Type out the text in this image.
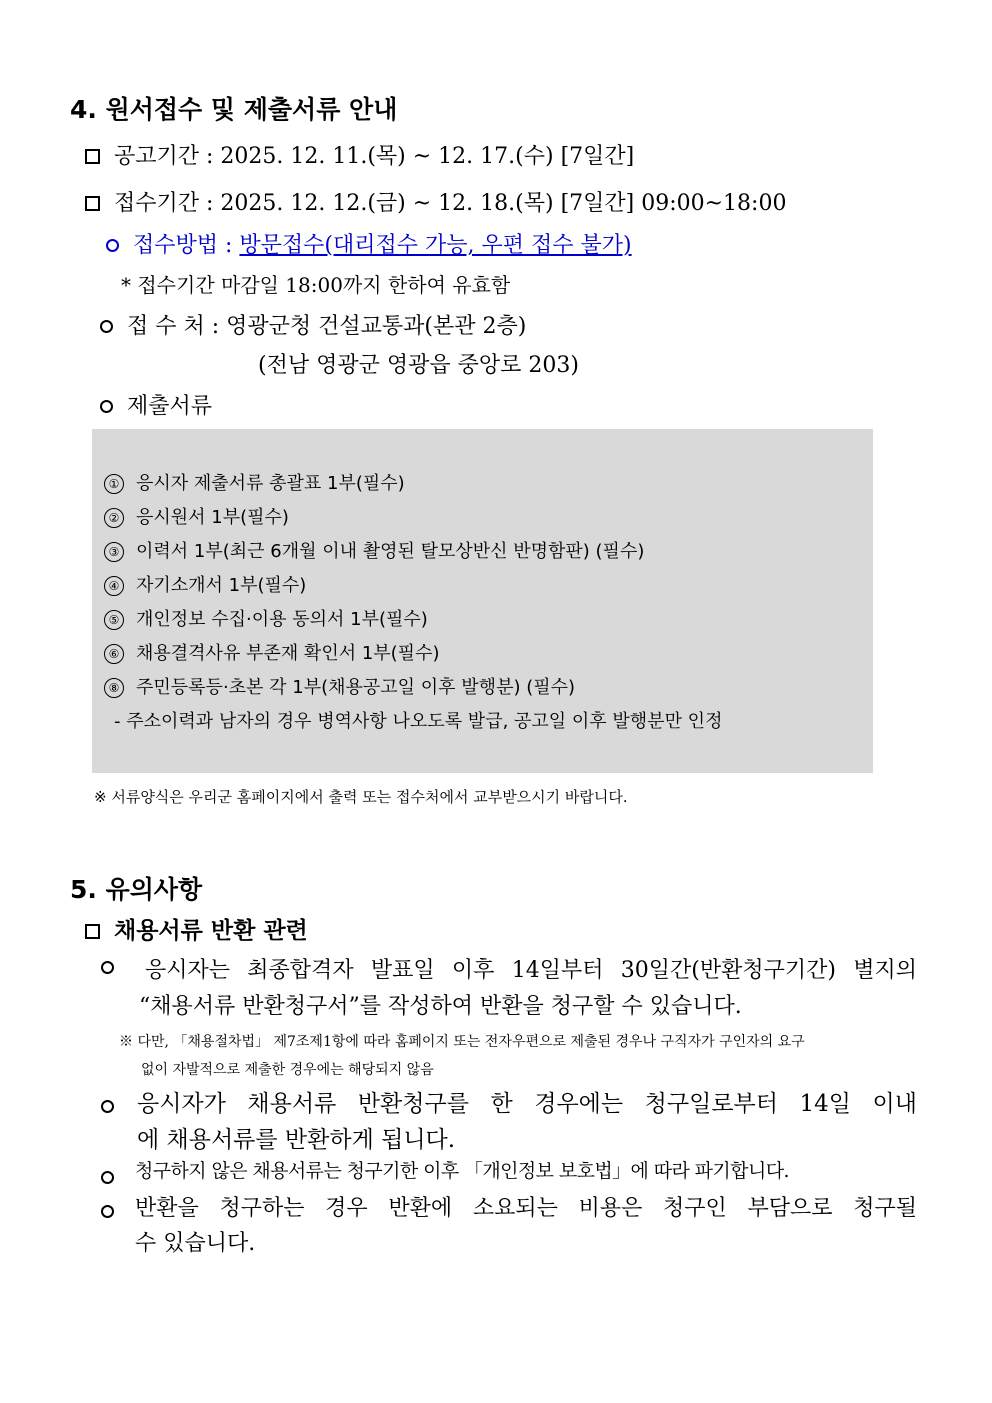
4. 원서접수 및 제출서류 안내
공고기간 : 2025. 12. 11.(목) ~ 12. 17.(수) [7일간]
접수기간 : 2025. 12. 12.(금) ~ 12. 18.(목) [7일간] 09:00~18:00
접수방법 : 방문접수(대리접수 가능, 우편 접수 불가)
* 접수기간 마감일 18:00까지 한하여 유효함
접 수 처 : 영광군청 건설교통과(본관 2층)
(전남 영광군 영광읍 중앙로 203)
제출서류
① 응시자 제출서류 총괄표 1부(필수)
② 응시원서 1부(필수)
③ 이력서 1부(최근 6개월 이내 촬영된 탈모상반신 반명함판) (필수)
④ 자기소개서 1부(필수)
⑤ 개인정보 수집·이용 동의서 1부(필수)
⑥ 채용결격사유 부존재 확인서 1부(필수)
⑧ 주민등록등·초본 각 1부(채용공고일 이후 발행분) (필수)
- 주소이력과 남자의 경우 병역사항 나오도록 발급, 공고일 이후 발행분만 인정
※ 서류양식은 우리군 홈페이지에서 출력 또는 접수처에서 교부받으시기 바랍니다.
5. 유의사항
채용서류 반환 관련
응시자는 최종합격자 발표일 이후 14일부터 30일간(반환청구기간) 별지의
“채용서류 반환청구서”를 작성하여 반환을 청구할 수 있습니다.
※ 다만, 「채용절차법」 제7조제1항에 따라 홈페이지 또는 전자우편으로 제출된 경우나 구직자가 구인자의 요구
없이 자발적으로 제출한 경우에는 해당되지 않음
응시자가 채용서류 반환청구를 한 경우에는 청구일로부터 14일 이내
에 채용서류를 반환하게 됩니다.
청구하지 않은 채용서류는 청구기한 이후 「개인정보 보호법」에 따라 파기합니다.
반환을 청구하는 경우 반환에 소요되는 비용은 청구인 부담으로 청구될
수 있습니다.
